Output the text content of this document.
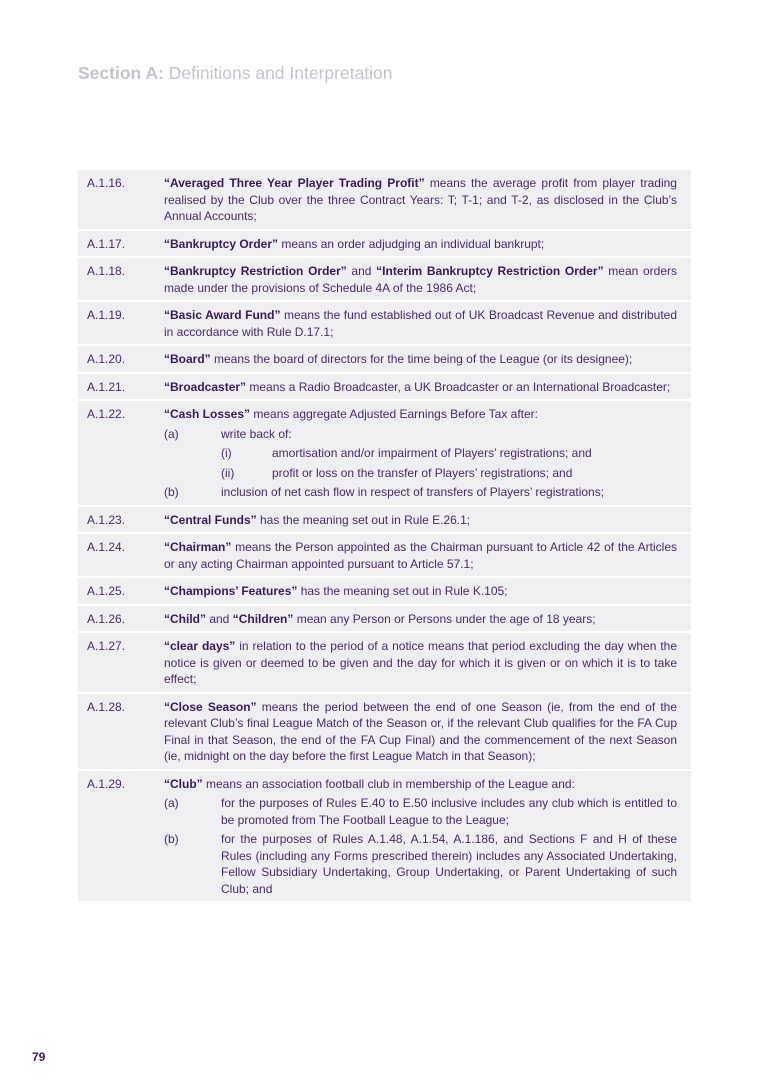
Section A: Definitions and Interpretation
A.1.16.	“Averaged Three Year Player Trading Profit” means the average profit from player trading realised by the Club over the three Contract Years: T; T-1; and T-2, as disclosed in the Club’s Annual Accounts;
A.1.17.	“Bankruptcy Order” means an order adjudging an individual bankrupt;
A.1.18.	“Bankruptcy Restriction Order” and “Interim Bankruptcy Restriction Order” mean orders made under the provisions of Schedule 4A of the 1986 Act;
A.1.19.	“Basic Award Fund” means the fund established out of UK Broadcast Revenue and distributed in accordance with Rule D.17.1;
A.1.20.	“Board” means the board of directors for the time being of the League (or its designee);
A.1.21.	“Broadcaster” means a Radio Broadcaster, a UK Broadcaster or an International Broadcaster;
A.1.22.	“Cash Losses” means aggregate Adjusted Earnings Before Tax after:
(a)	write back of:
(i)	amortisation and/or impairment of Players’ registrations; and
(ii)	profit or loss on the transfer of Players’ registrations; and
(b)	inclusion of net cash flow in respect of transfers of Players’ registrations;
A.1.23.	“Central Funds” has the meaning set out in Rule E.26.1;
A.1.24.	“Chairman” means the Person appointed as the Chairman pursuant to Article 42 of the Articles or any acting Chairman appointed pursuant to Article 57.1;
A.1.25.	“Champions’ Features” has the meaning set out in Rule K.105;
A.1.26.	“Child” and “Children” mean any Person or Persons under the age of 18 years;
A.1.27.	“clear days” in relation to the period of a notice means that period excluding the day when the notice is given or deemed to be given and the day for which it is given or on which it is to take effect;
A.1.28.	“Close Season” means the period between the end of one Season (ie, from the end of the relevant Club’s final League Match of the Season or, if the relevant Club qualifies for the FA Cup Final in that Season, the end of the FA Cup Final) and the commencement of the next Season (ie, midnight on the day before the first League Match in that Season);
A.1.29.	“Club” means an association football club in membership of the League and:
(a)	for the purposes of Rules E.40 to E.50 inclusive includes any club which is entitled to be promoted from The Football League to the League;
(b)	for the purposes of Rules A.1.48, A.1.54, A.1.186, and Sections F and H of these Rules (including any Forms prescribed therein) includes any Associated Undertaking, Fellow Subsidiary Undertaking, Group Undertaking, or Parent Undertaking of such Club; and
79
